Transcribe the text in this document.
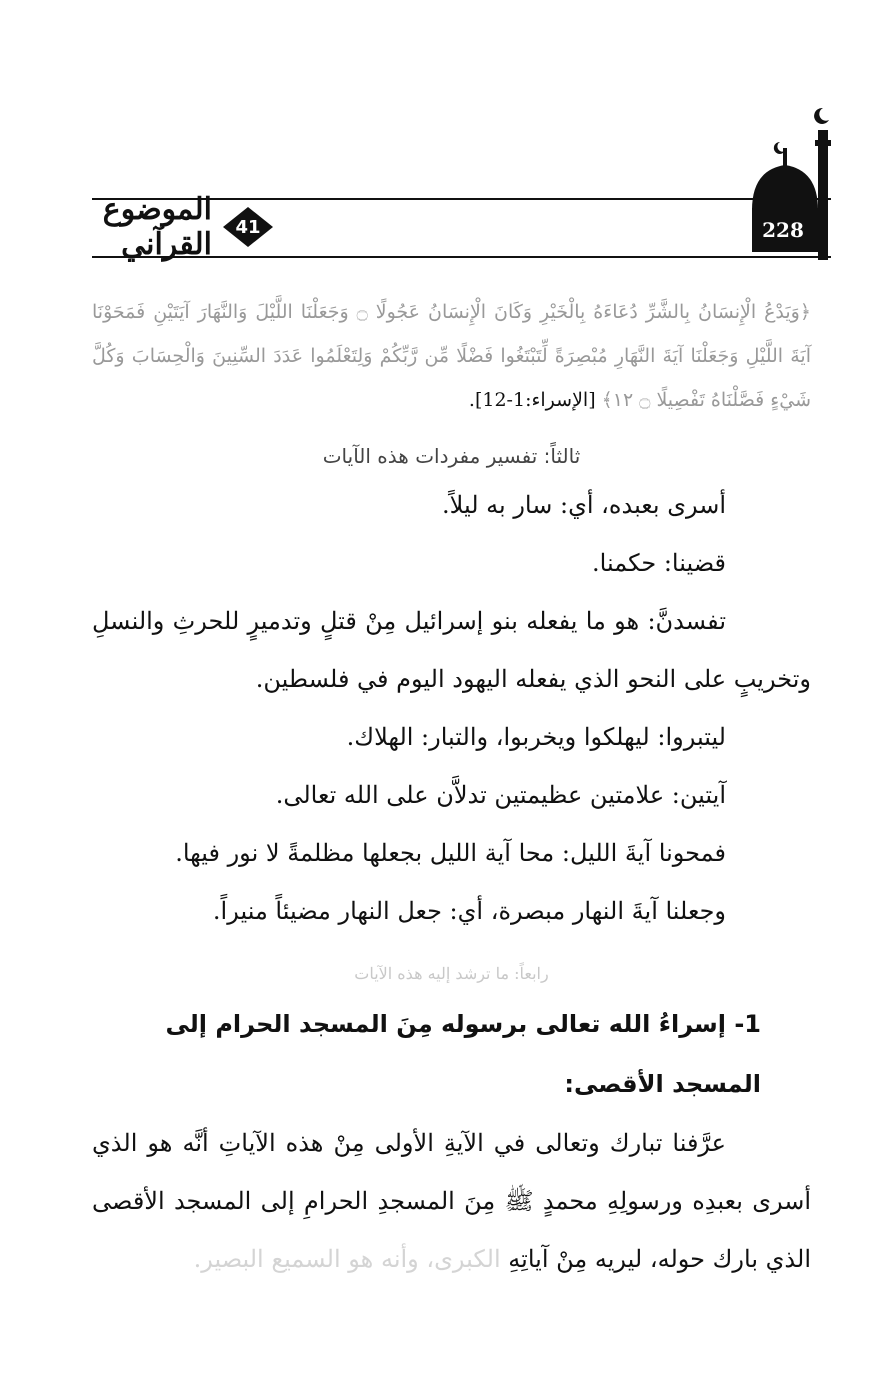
الموضوع القرآني	41	228
﴿وَيَدْعُ الْإِنسَانُ بِالشَّرِّ دُعَاءَهُ بِالْخَيْرِ وَكَانَ الْإِنسَانُ عَجُولًا ۝ وَجَعَلْنَا اللَّيْلَ وَالنَّهَارَ آيَتَيْنِ فَمَحَوْنَا آيَةَ اللَّيْلِ وَجَعَلْنَا آيَةَ النَّهَارِ مُبْصِرَةً لِّتَبْتَغُوا فَضْلًا مِّن رَّبِّكُمْ وَلِتَعْلَمُوا عَدَدَ السِّنِينَ وَالْحِسَابَ وَكُلَّ شَيْءٍ فَصَّلْنَاهُ تَفْصِيلًا ۝ ١٢﴾ [الإسراء:1-12].
ثالثاً: تفسير مفردات هذه الآيات
أسرى بعبده، أي: سار به ليلاً.
قضينا: حكمنا.
تفسدنَّ: هو ما يفعله بنو إسرائيل مِنْ قتلٍ وتدميرٍ للحرثِ والنسلِ وتخريبٍ على النحو الذي يفعله اليهود اليوم في فلسطين.
ليتبروا: ليهلكوا ويخربوا، والتبار: الهلاك.
آيتين: علامتين عظيمتين تدلاَّن على الله تعالى.
فمحونا آيةَ الليل: محا آية الليل بجعلها مظلمةً لا نور فيها.
وجعلنا آيةَ النهار مبصرة، أي: جعل النهار مضيئاً منيراً.
رابعاً: ما ترشد إليه هذه الآيات
1- إسراءُ الله تعالى برسوله مِنَ المسجد الحرام إلى المسجد الأقصى:
عرَّفنا تبارك وتعالى في الآيةِ الأولى مِنْ هذه الآياتِ أنَّه هو الذي أسرى بعبدِه ورسولِهِ محمدٍ ﷺ مِنَ المسجدِ الحرامِ إلى المسجد الأقصى الذي بارك حوله، ليريه مِنْ آياتِهِ الكبرى، وأنه هو السميع البصير.
